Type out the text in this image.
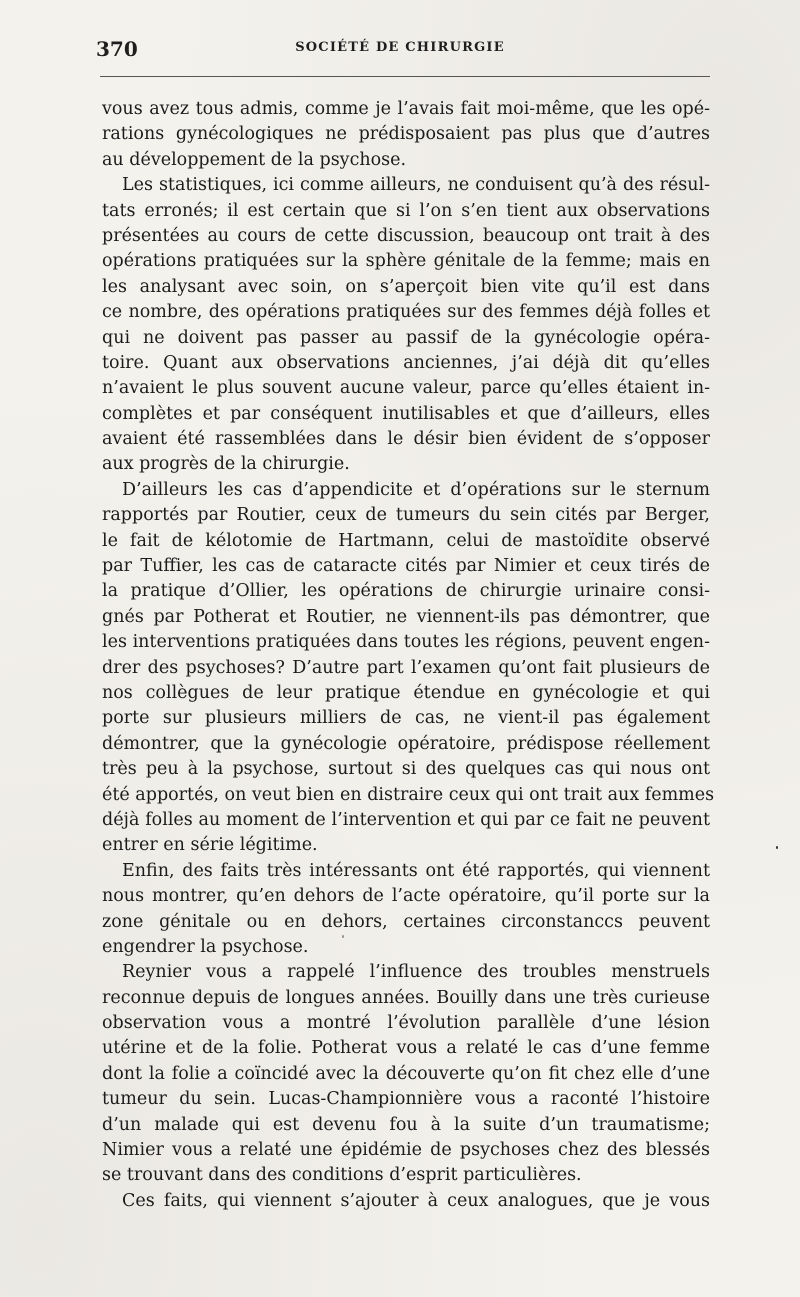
370	SOCIÉTÉ DE CHIRURGIE
vous avez tous admis, comme je l’avais fait moi-même, que les opé-
rations gynécologiques ne prédisposaient pas plus que d’autres
au développement de la psychose.
Les statistiques, ici comme ailleurs, ne conduisent qu’à des résul-
tats erronés; il est certain que si l’on s’en tient aux observations
présentées au cours de cette discussion, beaucoup ont trait à des
opérations pratiquées sur la sphère génitale de la femme; mais en
les analysant avec soin, on s’aperçoit bien vite qu’il est dans
ce nombre, des opérations pratiquées sur des femmes déjà folles et
qui ne doivent pas passer au passif de la gynécologie opéra-
toire. Quant aux observations anciennes, j’ai déjà dit qu’elles
n’avaient le plus souvent aucune valeur, parce qu’elles étaient in-
complètes et par conséquent inutilisables et que d’ailleurs, elles
avaient été rassemblées dans le désir bien évident de s’opposer
aux progrès de la chirurgie.
D’ailleurs les cas d’appendicite et d’opérations sur le sternum
rapportés par Routier, ceux de tumeurs du sein cités par Berger,
le fait de kélotomie de Hartmann, celui de mastoïdite observé
par Tuffier, les cas de cataracte cités par Nimier et ceux tirés de
la pratique d’Ollier, les opérations de chirurgie urinaire consi-
gnés par Potherat et Routier, ne viennent-ils pas démontrer, que
les interventions pratiquées dans toutes les régions, peuvent engen-
drer des psychoses? D’autre part l’examen qu’ont fait plusieurs de
nos collègues de leur pratique étendue en gynécologie et qui
porte sur plusieurs milliers de cas, ne vient-il pas également
démontrer, que la gynécologie opératoire, prédispose réellement
très peu à la psychose, surtout si des quelques cas qui nous ont
été apportés, on veut bien en distraire ceux qui ont trait aux femmes
déjà folles au moment de l’intervention et qui par ce fait ne peuvent
entrer en série légitime.
Enfin, des faits très intéressants ont été rapportés, qui viennent
nous montrer, qu’en dehors de l’acte opératoire, qu’il porte sur la
zone génitale ou en dehors, certaines circonstanccs peuvent
engendrer la psychose.
Reynier vous a rappelé l’influence des troubles menstruels
reconnue depuis de longues années. Bouilly dans une très curieuse
observation vous a montré l’évolution parallèle d’une lésion
utérine et de la folie. Potherat vous a relaté le cas d’une femme
dont la folie a coïncidé avec la découverte qu’on fit chez elle d’une
tumeur du sein. Lucas-Championnière vous a raconté l’histoire
d’un malade qui est devenu fou à la suite d’un traumatisme;
Nimier vous a relaté une épidémie de psychoses chez des blessés
se trouvant dans des conditions d’esprit particulières.
Ces faits, qui viennent s’ajouter à ceux analogues, que je vous
